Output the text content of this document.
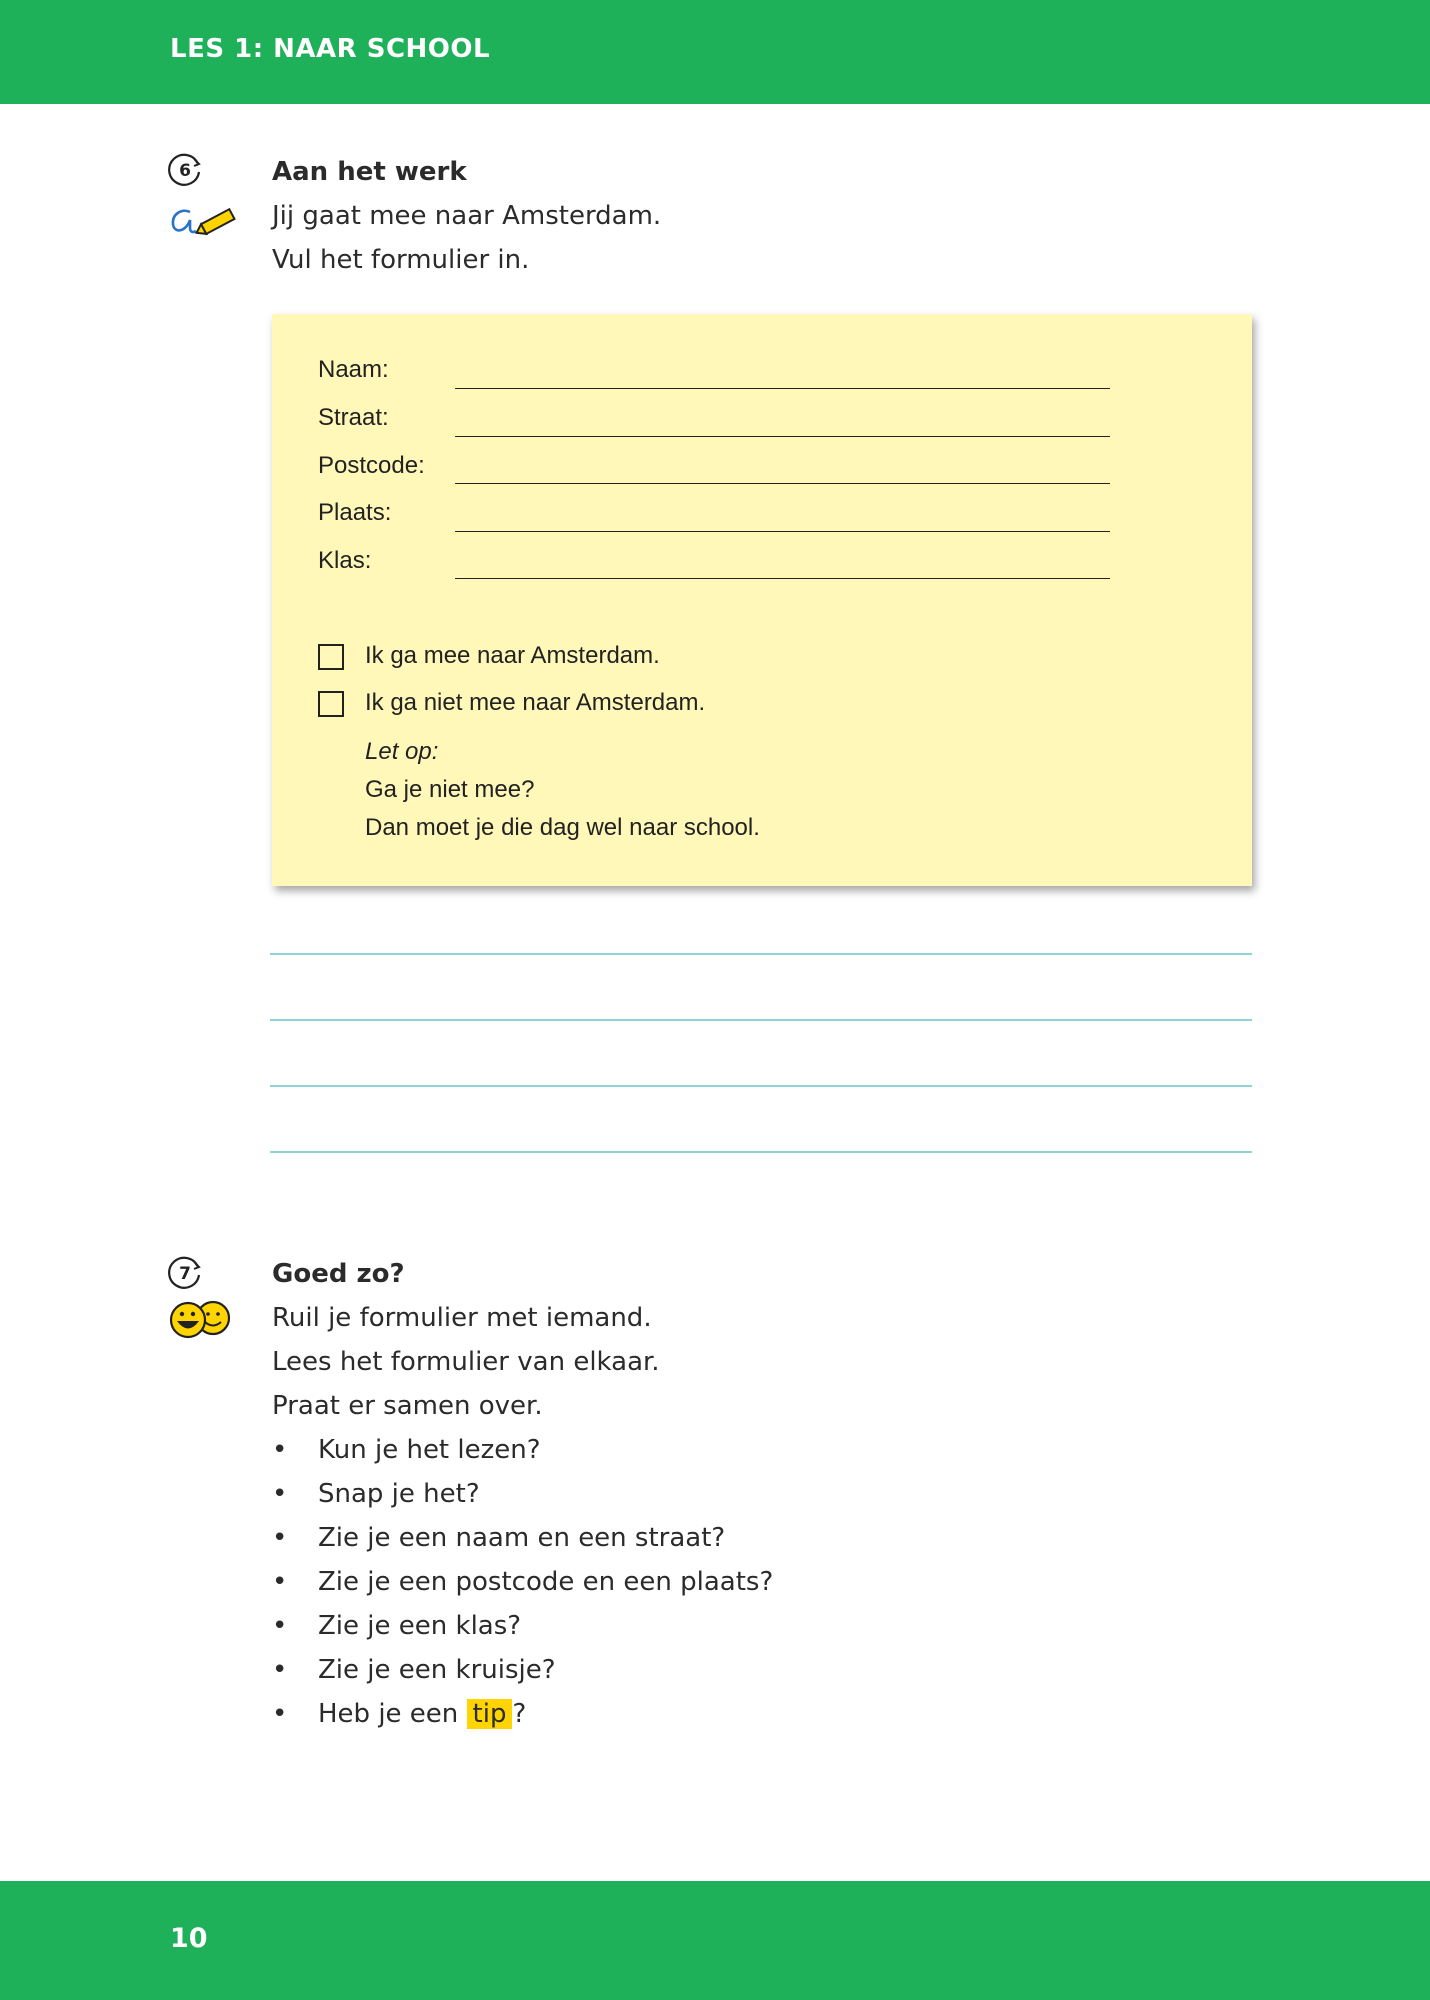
LES 1: NAAR SCHOOL
6	Aan het werk
Jij gaat mee naar Amsterdam.
Vul het formulier in.
Naam:
Straat:
Postcode:
Plaats:
Klas:
Ik ga mee naar Amsterdam.
Ik ga niet mee naar Amsterdam.
Let op:
Ga je niet mee?
Dan moet je die dag wel naar school.
7	Goed zo?
Ruil je formulier met iemand.
Lees het formulier van elkaar.
Praat er samen over.
• Kun je het lezen?
• Snap je het?
• Zie je een naam en een straat?
• Zie je een postcode en een plaats?
• Zie je een klas?
• Zie je een kruisje?
• Heb je een tip ?
10
